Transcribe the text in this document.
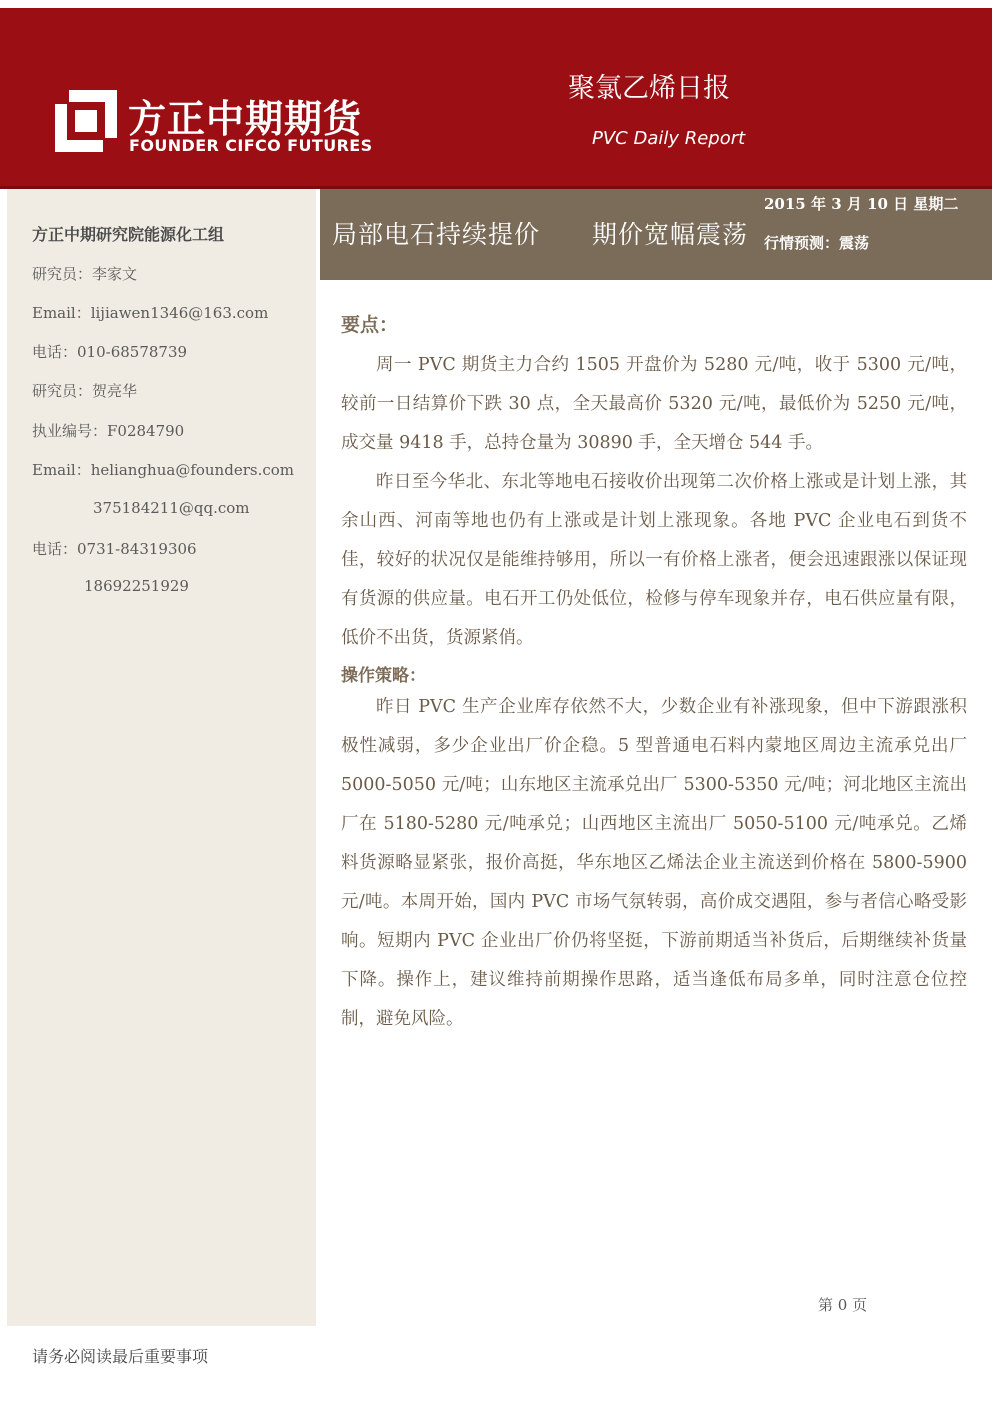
方正中期期货
FOUNDER CIFCO FUTURES
聚氯乙烯日报
PVC Daily Report
方正中期研究院能源化工组
研究员：李家文
Email：lijiawen1346@163.com
电话：010-68578739
研究员：贺亮华
执业编号：F0284790
Email：helianghua@founders.com
375184211@qq.com
电话：0731-84319306
18692251929
局部电石持续提价　　期价宽幅震荡
2015 年 3 月 10 日 星期二
行情预测：震荡
要点：
周一 PVC 期货主力合约 1505 开盘价为 5280 元/吨，收于 5300 元/吨，较前一日结算价下跌 30 点，全天最高价 5320 元/吨，最低价为 5250 元/吨，成交量 9418 手，总持仓量为 30890 手，全天增仓 544 手。
昨日至今华北、东北等地电石接收价出现第二次价格上涨或是计划上涨，其余山西、河南等地也仍有上涨或是计划上涨现象。各地 PVC 企业电石到货不佳，较好的状况仅是能维持够用，所以一有价格上涨者，便会迅速跟涨以保证现有货源的供应量。电石开工仍处低位，检修与停车现象并存，电石供应量有限，低价不出货，货源紧俏。
操作策略：
昨日 PVC 生产企业库存依然不大，少数企业有补涨现象，但中下游跟涨积极性减弱，多少企业出厂价企稳。5 型普通电石料内蒙地区周边主流承兑出厂 5000-5050 元/吨；山东地区主流承兑出厂 5300-5350 元/吨；河北地区主流出厂在 5180-5280 元/吨承兑；山西地区主流出厂 5050-5100 元/吨承兑。乙烯料货源略显紧张，报价高挺，华东地区乙烯法企业主流送到价格在 5800-5900 元/吨。本周开始，国内 PVC 市场气氛转弱，高价成交遇阻，参与者信心略受影响。短期内 PVC 企业出厂价仍将坚挺，下游前期适当补货后，后期继续补货量下降。操作上，建议维持前期操作思路，适当逢低布局多单，同时注意仓位控制，避免风险。
第 0 页
请务必阅读最后重要事项
